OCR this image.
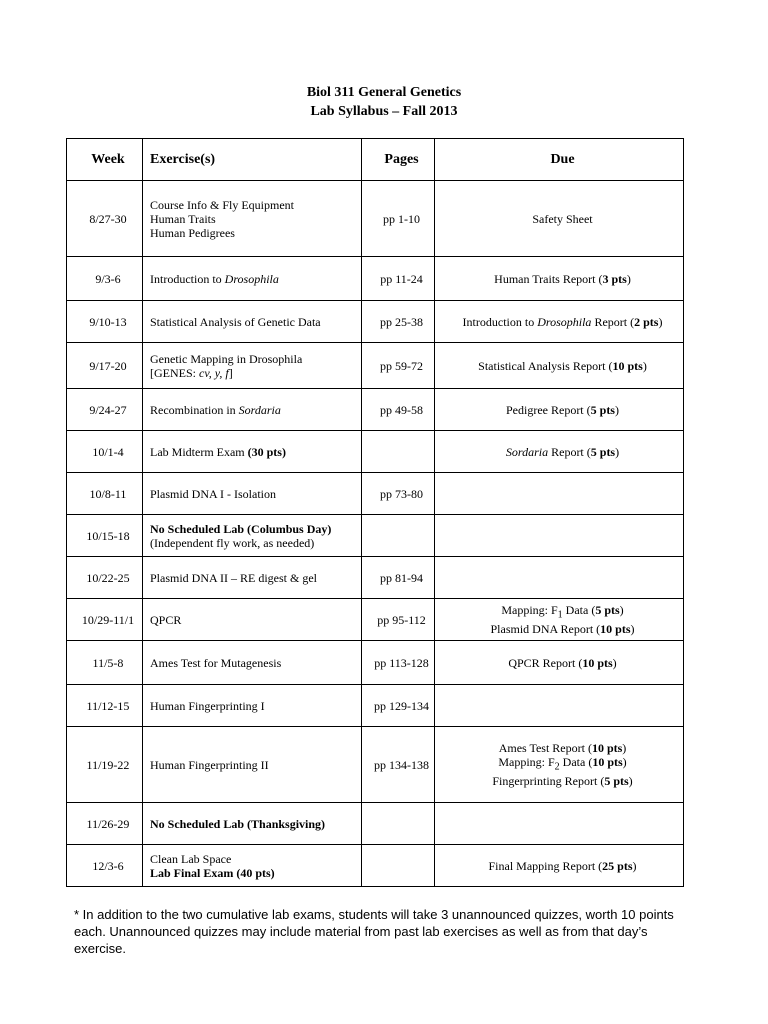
Biol 311 General Genetics
Lab Syllabus – Fall 2013
Week	Exercise(s)	Pages	Due
8/27-30	Course Info & Fly Equipment
Human Traits
Human Pedigrees	pp 1-10	Safety Sheet
9/3-6	Introduction to Drosophila	pp 11-24	Human Traits Report (3 pts)
9/10-13	Statistical Analysis of Genetic Data	pp 25-38	Introduction to Drosophila Report (2 pts)
9/17-20	Genetic Mapping in Drosophila
[GENES: cv, y, f]	pp 59-72	Statistical Analysis Report (10 pts)
9/24-27	Recombination in Sordaria	pp 49-58	Pedigree Report (5 pts)
10/1-4	Lab Midterm Exam (30 pts)		Sordaria Report (5 pts)
10/8-11	Plasmid DNA I - Isolation	pp 73-80	
10/15-18	No Scheduled Lab (Columbus Day)
(Independent fly work, as needed)		

10/22-25	Plasmid DNA II – RE digest & gel	pp 81-94	
10/29-11/1	QPCR	pp 95-112	Mapping: $F_1$ Data (5 pts)
Plasmid DNA Report (10 pts)

11/5-8	Ames Test for Mutagenesis	pp 113-128	QPCR Report (10 pts)
11/12-15	Human Fingerprinting I	pp 129-134	
11/19-22	Human Fingerprinting II	pp 134-138	Ames Test Report (10 pts)
Mapping: $F_2$ Data (10 pts)
Fingerprinting Report (5 pts)

11/26-29	No Scheduled Lab (Thanksgiving)		

12/3-6	Clean Lab Space
Lab Final Exam (40 pts)		Final Mapping Report (25 pts)
* In addition to the two cumulative lab exams, students will take 3 unannounced quizzes, worth 10 points each. Unannounced quizzes may include material from past lab exercises as well as from that day’s exercise.
